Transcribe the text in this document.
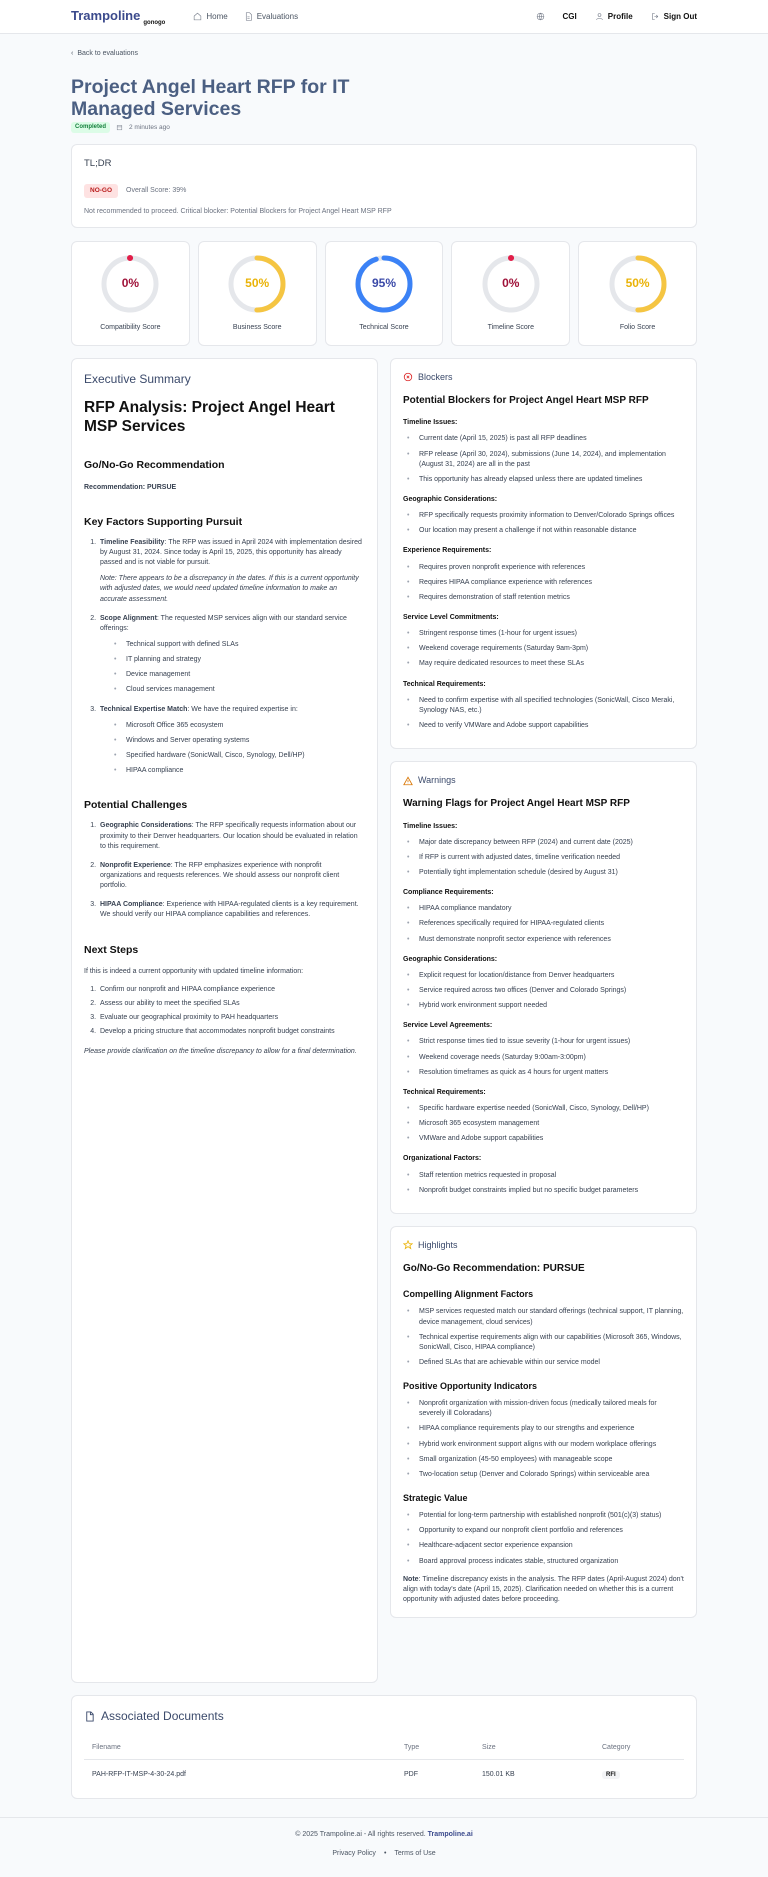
Trampoline gonogo
Home	Evaluations	CGI	Profile	Sign Out
‹ Back to evaluations
Project Angel Heart RFP for IT Managed Services
Completed	2 minutes ago
TL;DR
NO-GO	Overall Score: 39%
Not recommended to proceed. Critical blocker: Potential Blockers for Project Angel Heart MSP RFP
0%
Compatibility Score
50%
Business Score
95%
Technical Score
0%
Timeline Score
50%
Folio Score
Executive Summary
RFP Analysis: Project Angel Heart MSP Services
Go/No-Go Recommendation

Recommendation: PURSUE

Key Factors Supporting Pursuit
1. Timeline Feasibility: The RFP was issued in April 2024 with implementation desired by August 31, 2024. Since today is April 15, 2025, this opportunity has already passed and is not viable for pursuit.
Note: There appears to be a discrepancy in the dates. If this is a current opportunity with adjusted dates, we would need updated timeline information to make an accurate assessment.
2. Scope Alignment: The requested MSP services align with our standard service offerings:
• Technical support with defined SLAs
• IT planning and strategy
• Device management
• Cloud services management
3. Technical Expertise Match: We have the required expertise in:
• Microsoft Office 365 ecosystem
• Windows and Server operating systems
• Specified hardware (SonicWall, Cisco, Synology, Dell/HP)
• HIPAA compliance
Potential Challenges
1. Geographic Considerations: The RFP specifically requests information about our proximity to their Denver headquarters. Our location should be evaluated in relation to this requirement.
2. Nonprofit Experience: The RFP emphasizes experience with nonprofit organizations and requests references. We should assess our nonprofit client portfolio.
3. HIPAA Compliance: Experience with HIPAA-regulated clients is a key requirement. We should verify our HIPAA compliance capabilities and references.
Next Steps

If this is indeed a current opportunity with updated timeline information:

1. Confirm our nonprofit and HIPAA compliance experience
2. Assess our ability to meet the specified SLAs
3. Evaluate our geographical proximity to PAH headquarters
4. Develop a pricing structure that accommodates nonprofit budget constraints

Please provide clarification on the timeline discrepancy to allow for a final determination.

Blockers
Potential Blockers for Project Angel Heart MSP RFP
Timeline Issues:
• Current date (April 15, 2025) is past all RFP deadlines
• RFP release (April 30, 2024), submissions (June 14, 2024), and implementation (August 31, 2024) are all in the past
• This opportunity has already elapsed unless there are updated timelines
Geographic Considerations:
• RFP specifically requests proximity information to Denver/Colorado Springs offices
• Our location may present a challenge if not within reasonable distance
Experience Requirements:
• Requires proven nonprofit experience with references
• Requires HIPAA compliance experience with references
• Requires demonstration of staff retention metrics
Service Level Commitments:
• Stringent response times (1-hour for urgent issues)
• Weekend coverage requirements (Saturday 9am-3pm)
• May require dedicated resources to meet these SLAs
Technical Requirements:
• Need to confirm expertise with all specified technologies (SonicWall, Cisco Meraki, Synology NAS, etc.)
• Need to verify VMWare and Adobe support capabilities
Warnings
Warning Flags for Project Angel Heart MSP RFP
Timeline Issues:
• Major date discrepancy between RFP (2024) and current date (2025)
• If RFP is current with adjusted dates, timeline verification needed
• Potentially tight implementation schedule (desired by August 31)
Compliance Requirements:
• HIPAA compliance mandatory
• References specifically required for HIPAA-regulated clients
• Must demonstrate nonprofit sector experience with references
Geographic Considerations:
• Explicit request for location/distance from Denver headquarters
• Service required across two offices (Denver and Colorado Springs)
• Hybrid work environment support needed
Service Level Agreements:
• Strict response times tied to issue severity (1-hour for urgent issues)
• Weekend coverage needs (Saturday 9:00am-3:00pm)
• Resolution timeframes as quick as 4 hours for urgent matters
Technical Requirements:
• Specific hardware expertise needed (SonicWall, Cisco, Synology, Dell/HP)
• Microsoft 365 ecosystem management
• VMWare and Adobe support capabilities
Organizational Factors:
• Staff retention metrics requested in proposal
• Nonprofit budget constraints implied but no specific budget parameters
Highlights
Go/No-Go Recommendation: PURSUE
Compelling Alignment Factors
• MSP services requested match our standard offerings (technical support, IT planning, device management, cloud services)
• Technical expertise requirements align with our capabilities (Microsoft 365, Windows, SonicWall, Cisco, HIPAA compliance)
• Defined SLAs that are achievable within our service model
Positive Opportunity Indicators
• Nonprofit organization with mission-driven focus (medically tailored meals for severely ill Coloradans)
• HIPAA compliance requirements play to our strengths and experience
• Hybrid work environment support aligns with our modern workplace offerings
• Small organization (45-50 employees) with manageable scope
• Two-location setup (Denver and Colorado Springs) within serviceable area
Strategic Value
• Potential for long-term partnership with established nonprofit (501(c)(3) status)
• Opportunity to expand our nonprofit client portfolio and references
• Healthcare-adjacent sector experience expansion
• Board approval process indicates stable, structured organization

Note: Timeline discrepancy exists in the analysis. The RFP dates (April-August 2024) don't align with today's date (April 15, 2025). Clarification needed on whether this is a current opportunity with adjusted dates before proceeding.

Associated Documents
Filename	Type	Size	Category
PAH-RFP-IT-MSP-4-30-24.pdf	PDF	150.01 KB	RFI
© 2025 Trampoline.ai - All rights reserved. Trampoline.ai
Privacy Policy • Terms of Use
